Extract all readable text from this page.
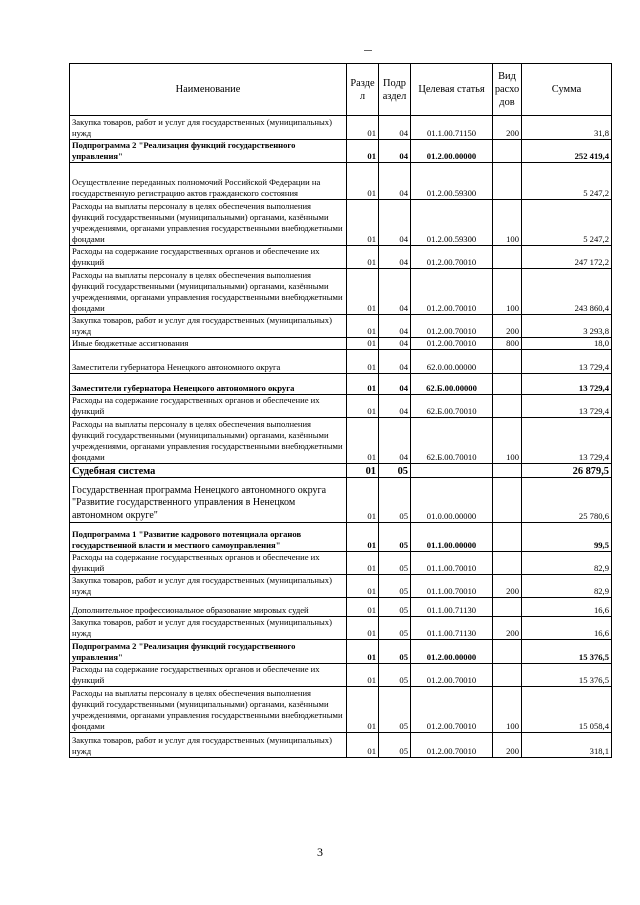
Наименование	Разде л	Подр аздел	Целевая статья	Вид расхо дов	Сумма
Закупка товаров, работ и услуг для государственных (муниципальных) нужд	01	04	01.1.00.71150	200	31,8
Подпрограмма 2 "Реализация функций государственного управления"	01	04	01.2.00.00000		252 419,4
Осуществление переданных полномочий Российской Федерации на государственную регистрацию актов гражданского состояния	01	04	01.2.00.59300		5 247,2
Расходы на выплаты персоналу в целях обеспечения выполнения функций государственными (муниципальными) органами, казёнными учреждениями, органами управления государственными внебюджетными фондами	01	04	01.2.00.59300	100	5 247,2
Расходы на содержание государственных органов и обеспечение их функций	01	04	01.2.00.70010		247 172,2
Расходы на выплаты персоналу в целях обеспечения выполнения функций государственными (муниципальными) органами, казёнными учреждениями, органами управления государственными внебюджетными фондами	01	04	01.2.00.70010	100	243 860,4
Закупка товаров, работ и услуг для государственных (муниципальных) нужд	01	04	01.2.00.70010	200	3 293,8
Иные бюджетные ассигнования	01	04	01.2.00.70010	800	18,0
Заместители губернатора Ненецкого автономного округа	01	04	62.0.00.00000		13 729,4
Заместители губернатора Ненецкого автономного округа	01	04	62.Б.00.00000		13 729,4
Расходы на содержание государственных органов и обеспечение их функций	01	04	62.Б.00.70010		13 729,4
Расходы на выплаты персоналу в целях обеспечения выполнения функций государственными (муниципальными) органами, казёнными учреждениями, органами управления государственными внебюджетными фондами	01	04	62.Б.00.70010	100	13 729,4
Судебная система	01	05			26 879,5
Государственная программа Ненецкого автономного округа "Развитие государственного управления в Ненецком автономном округе"	01	05	01.0.00.00000		25 780,6
Подпрограмма 1 "Развитие кадрового потенциала органов государственной власти и местного самоуправления"	01	05	01.1.00.00000		99,5
Расходы на содержание государственных органов и обеспечение их функций	01	05	01.1.00.70010		82,9
Закупка товаров, работ и услуг для государственных (муниципальных) нужд	01	05	01.1.00.70010	200	82,9
Дополнительное профессиональное образование мировых судей	01	05	01.1.00.71130		16,6
Закупка товаров, работ и услуг для государственных (муниципальных) нужд	01	05	01.1.00.71130	200	16,6
Подпрограмма 2 "Реализация функций государственного управления"	01	05	01.2.00.00000		15 376,5
Расходы на содержание государственных органов и обеспечение их функций	01	05	01.2.00.70010		15 376,5
Расходы на выплаты персоналу в целях обеспечения выполнения функций государственными (муниципальными) органами, казёнными учреждениями, органами управления государственными внебюджетными фондами	01	05	01.2.00.70010	100	15 058,4
Закупка товаров, работ и услуг для государственных (муниципальных) нужд	01	05	01.2.00.70010	200	318,1
3
